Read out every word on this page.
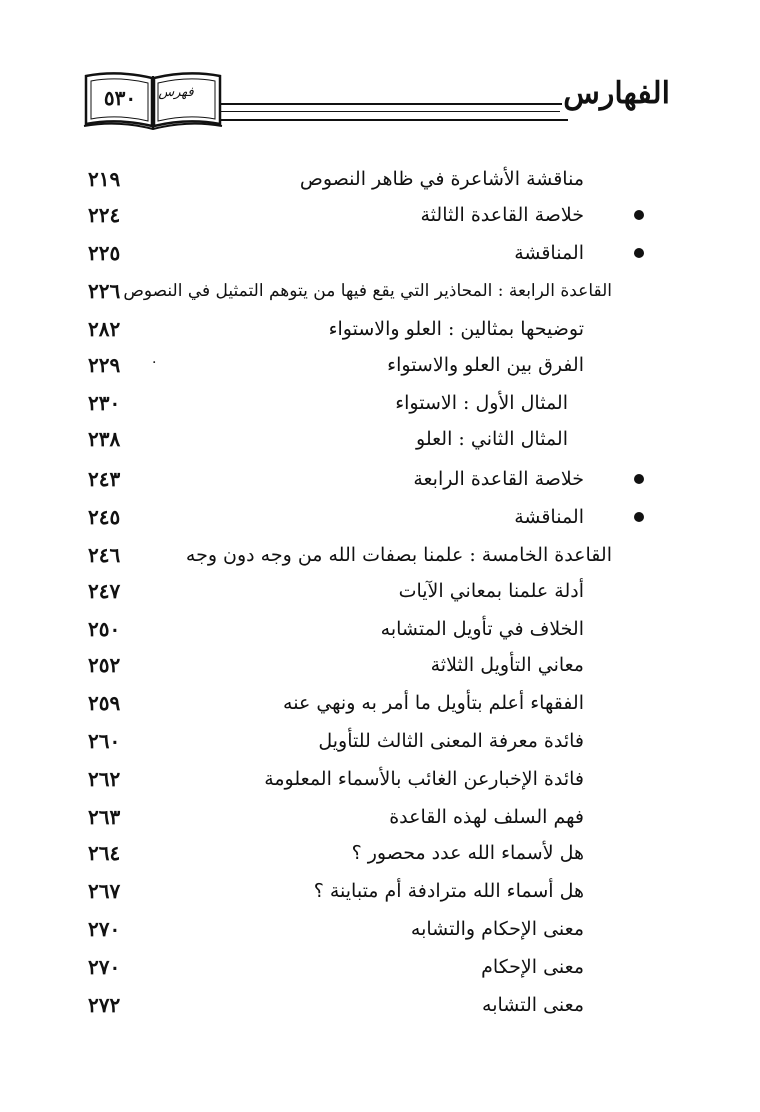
الفهارس
٥٣٠	فهرس
مناقشة الأشاعرة في ظاهر النصوص
٢١٩
خلاصة القاعدة الثالثة
٢٢٤
المناقشة
٢٢٥
القاعدة الرابعة : المحاذير التي يقع فيها من يتوهم التمثيل في النصوص
٢٢٦
توضيحها بمثالين : العلو والاستواء
٢٨٢
الفرق بين العلو والاستواء
٢٢٩	·
المثال الأول : الاستواء
٢٣٠
المثال الثاني : العلو
٢٣٨
خلاصة القاعدة الرابعة
٢٤٣
المناقشة
٢٤٥
القاعدة الخامسة : علمنا بصفات الله من وجه دون وجه
٢٤٦
أدلة علمنا بمعاني الآيات
٢٤٧
الخلاف في تأويل المتشابه
٢٥٠
معاني التأويل الثلاثة
٢٥٢
الفقهاء أعلم بتأويل ما أمر به ونهي عنه
٢٥٩
فائدة معرفة المعنى الثالث للتأويل
٢٦٠
فائدة الإخبارعن الغائب بالأسماء المعلومة
٢٦٢
فهم السلف لهذه القاعدة
٢٦٣
هل لأسماء الله عدد محصور ؟
٢٦٤
هل أسماء الله مترادفة أم متباينة ؟
٢٦٧
معنى الإحكام والتشابه
٢٧٠
معنى الإحكام
٢٧٠
معنى التشابه
٢٧٢
